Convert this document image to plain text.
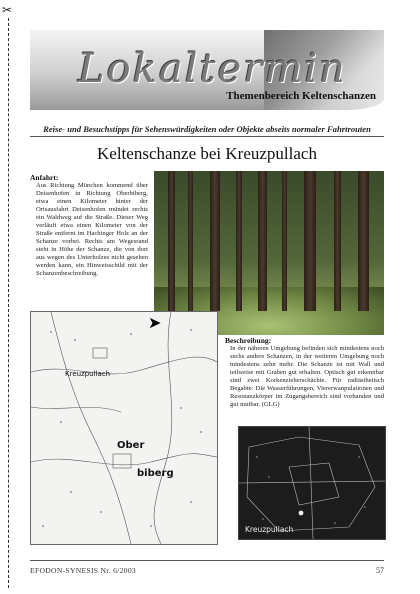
✂
Lokaltermin
Themenbereich Keltenschanzen
Reise- und Besuchstipps für Sehenswürdigkeiten oder Objekte abseits normaler Fahrtrouten
Keltenschanze bei Kreuzpullach
Anfahrt:
Aus Richtung München kommend über Deisenhofen in Richtung Oberbiberg, etwa einen Kilometer hinter der Ortsausfahrt Deisenhofen mündet rechts ein Waldweg auf die Straße. Dieser Weg verläuft etwa einen Kilometer von der Straße entfernt im Hachinger Holz an der Schanze vorbei. Rechts am Wegesrand steht in Höhe der Schanze, die von dort aus wegen des Unterholzes nicht gesehen werden kann, ein Hinweisschild mit der Schanzenbeschreibung.
Kreuzpullach
Ober
biberg
➤
Beschreibung:
In der näheren Umgebung befinden sich mindestens noch sechs andere Schanzen, in der weiteren Umgebung noch mindestens zehn mehr. Die Schanze ist mit Wall und teilweise mit Graben gut erhalten. Optisch gut erkennbar sind zwei Korkenzieherschächte. Für radiästhetisch Begabte: Die Wasserführungen, Viererwanpulationen und Resonanzkörper im Zugangsbereich sind vorhanden und gut mutbar. (GLG)
Kreuzpullach
EFODON-SYNESIS Nr. 6/2003	57
